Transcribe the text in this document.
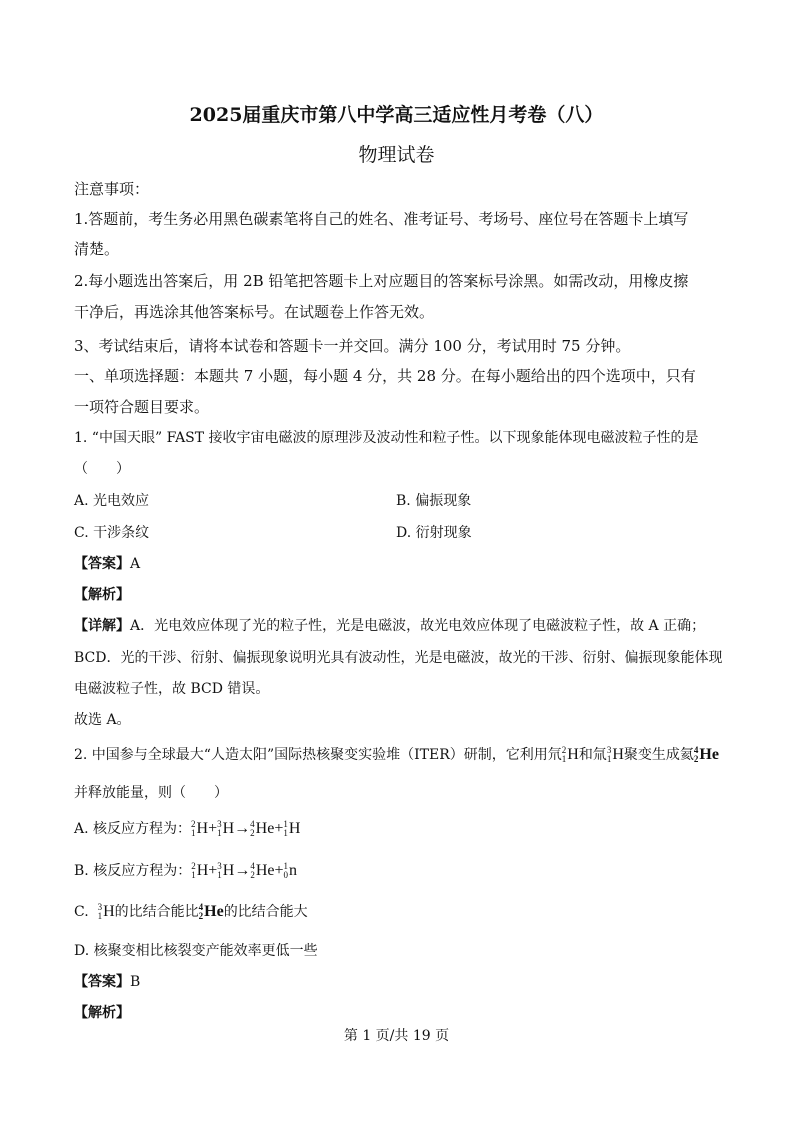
2025届重庆市第八中学高三适应性月考卷（八）
物理试卷
注意事项：
1.答题前，考生务必用黑色碳素笔将自己的姓名、准考证号、考场号、座位号在答题卡上填写
清楚。
2.每小题选出答案后，用 2B 铅笔把答题卡上对应题目的答案标号涂黑。如需改动，用橡皮擦
干净后，再选涂其他答案标号。在试题卷上作答无效。
3、考试结束后，请将本试卷和答题卡一并交回。满分 100 分，考试用时 75 分钟。
一、单项选择题：本题共 7 小题，每小题 4 分，共 28 分。在每小题给出的四个选项中，只有
一项符合题目要求。
1. “中国天眼” FAST 接收宇宙电磁波的原理涉及波动性和粒子性。以下现象能体现电磁波粒子性的是
（　　）
A. 光电效应	B. 偏振现象
C. 干涉条纹	D. 衍射现象
【答案】A
【解析】
【详解】A．光电效应体现了光的粒子性，光是电磁波，故光电效应体现了电磁波粒子性，故 A 正确；
BCD．光的干涉、衍射、偏振现象说明光具有波动性，光是电磁波，故光的干涉、衍射、偏振现象能体现
电磁波粒子性，故 BCD 错误。
故选 A。
2. 中国参与全球最大“人造太阳”国际热核聚变实验堆（ITER）研制，它利用氘 2
1 H和氚 3
1 H聚变生成氦 4
2 He
并释放能量，则（　　）
A. 核反应方程为： 2
1 H+ 3
1 H→ 4
2 He+ 1
1 H
B. 核反应方程为： 2
1 H+ 3
1 H→ 4
2 He+ 1
0 n
C. 3
1 H的比结合能比 4
2 He的比结合能大
D. 核聚变相比核裂变产能效率更低一些
【答案】B
【解析】
第 1 页/共 19 页
